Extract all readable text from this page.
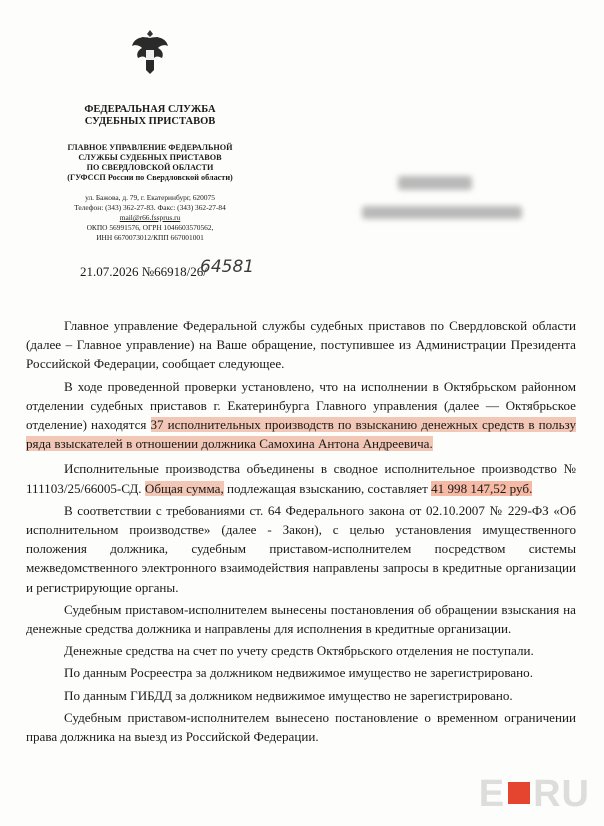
ФЕДЕРАЛЬНАЯ СЛУЖБА
СУДЕБНЫХ ПРИСТАВОВ
ГЛАВНОЕ УПРАВЛЕНИЕ ФЕДЕРАЛЬНОЙ
СЛУЖБЫ СУДЕБНЫХ ПРИСТАВОВ
ПО СВЕРДЛОВСКОЙ ОБЛАСТИ
(ГУФССП России по Свердловской области)
ул. Бажова, д. 79, г. Екатеринбург, 620075
Телефон: (343) 362-27-83. Факс: (343) 362-27-84
mail@r66.fssprus.ru
ОКПО 56991576, ОГРН 1046603570562,
ИНН 6670073012/КПП 667001001
21.07.2026 №66918/26/
64581

Главное управление Федеральной службы судебных приставов по Свердловской области (далее – Главное управление) на Ваше обращение, поступившее из Администрации Президента Российской Федерации, сообщает следующее.

В ходе проведенной проверки установлено, что на исполнении в Октябрьском районном отделении судебных приставов г. Екатеринбурга Главного управления (далее — Октябрьское отделение) находятся 37 исполнительных производств по взысканию денежных средств в пользу ряда взыскателей в отношении должника Самохина Антона Андреевича.

Исполнительные производства объединены в сводное исполнительное производство № 111103/25/66005-СД. Общая сумма, подлежащая взысканию, составляет 41 998 147,52 руб.

В соответствии с требованиями ст. 64 Федерального закона от 02.10.2007 № 229-ФЗ «Об исполнительном производстве» (далее - Закон), с целью установления имущественного положения должника, судебным приставом-исполнителем посредством системы межведомственного электронного взаимодействия направлены запросы в кредитные организации и регистрирующие органы.

Судебным приставом-исполнителем вынесены постановления об обращении взыскания на денежные средства должника и направлены для исполнения в кредитные организации.

Денежные средства на счет по учету средств Октябрьского отделения не поступали.

По данным Росреестра за должником недвижимое имущество не зарегистрировано.

По данным ГИБДД за должником недвижимое имущество не зарегистрировано.

Судебным приставом-исполнителем вынесено постановление о временном ограничении права должника на выезд из Российской Федерации.

E RU
